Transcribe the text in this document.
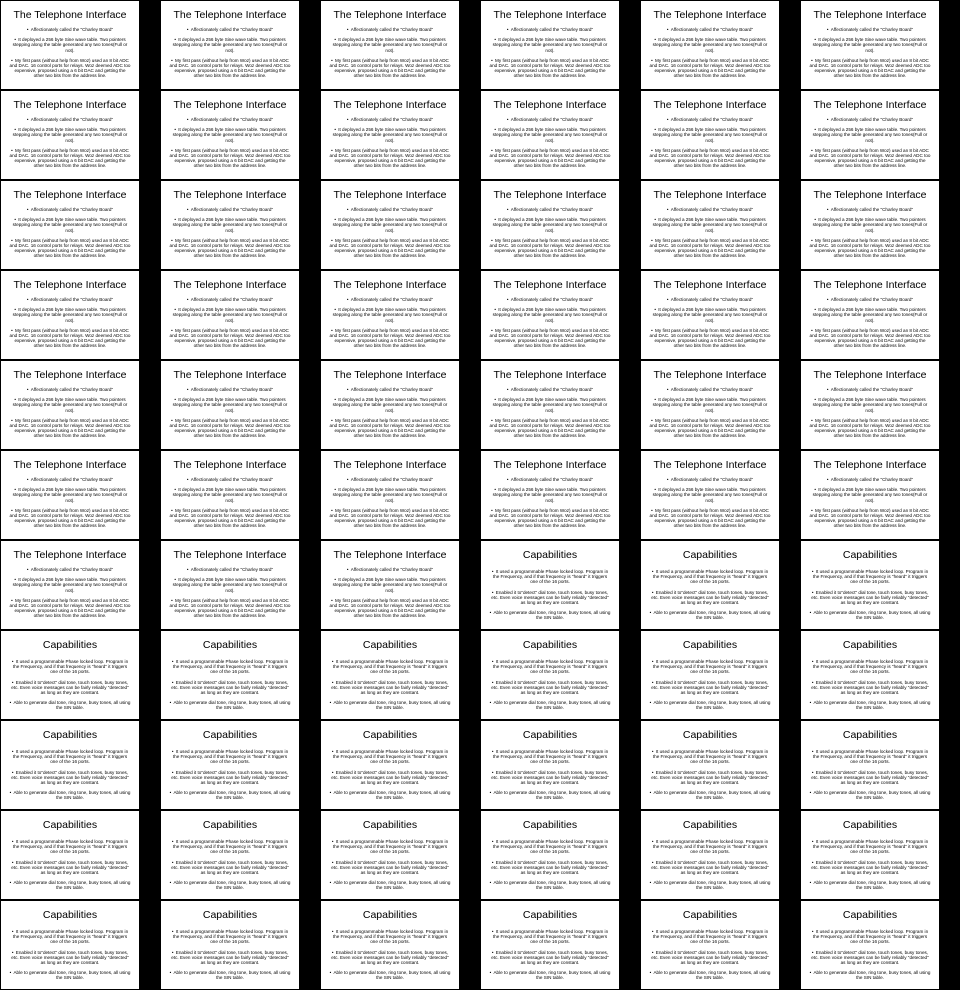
The Telephone Interface
• Affectionately called the "Charley Board"
• It deployed a 256 byte Sine wave table. Two pointers stepping along the table generated any two tones(Full or not).
• My first pass (without help from Woz) used an 8 bit ADC and DAC. 16 control ports for relays. Woz deemed ADC too expensive, proposed using a 6 bit DAC and getting the other two bits from the address line.
The Telephone Interface
• Affectionately called the "Charley Board"
• It deployed a 256 byte Sine wave table. Two pointers stepping along the table generated any two tones(Full or not).
• My first pass (without help from Woz) used an 8 bit ADC and DAC. 16 control ports for relays. Woz deemed ADC too expensive, proposed using a 6 bit DAC and getting the other two bits from the address line.
The Telephone Interface
• Affectionately called the "Charley Board"
• It deployed a 256 byte Sine wave table. Two pointers stepping along the table generated any two tones(Full or not).
• My first pass (without help from Woz) used an 8 bit ADC and DAC. 16 control ports for relays. Woz deemed ADC too expensive, proposed using a 6 bit DAC and getting the other two bits from the address line.
The Telephone Interface
• Affectionately called the "Charley Board"
• It deployed a 256 byte Sine wave table. Two pointers stepping along the table generated any two tones(Full or not).
• My first pass (without help from Woz) used an 8 bit ADC and DAC. 16 control ports for relays. Woz deemed ADC too expensive, proposed using a 6 bit DAC and getting the other two bits from the address line.
The Telephone Interface
• Affectionately called the "Charley Board"
• It deployed a 256 byte Sine wave table. Two pointers stepping along the table generated any two tones(Full or not).
• My first pass (without help from Woz) used an 8 bit ADC and DAC. 16 control ports for relays. Woz deemed ADC too expensive, proposed using a 6 bit DAC and getting the other two bits from the address line.
The Telephone Interface
• Affectionately called the "Charley Board"
• It deployed a 256 byte Sine wave table. Two pointers stepping along the table generated any two tones(Full or not).
• My first pass (without help from Woz) used an 8 bit ADC and DAC. 16 control ports for relays. Woz deemed ADC too expensive, proposed using a 6 bit DAC and getting the other two bits from the address line.
The Telephone Interface
• Affectionately called the "Charley Board"
• It deployed a 256 byte Sine wave table. Two pointers stepping along the table generated any two tones(Full or not).
• My first pass (without help from Woz) used an 8 bit ADC and DAC. 16 control ports for relays. Woz deemed ADC too expensive, proposed using a 6 bit DAC and getting the other two bits from the address line.
The Telephone Interface
• Affectionately called the "Charley Board"
• It deployed a 256 byte Sine wave table. Two pointers stepping along the table generated any two tones(Full or not).
• My first pass (without help from Woz) used an 8 bit ADC and DAC. 16 control ports for relays. Woz deemed ADC too expensive, proposed using a 6 bit DAC and getting the other two bits from the address line.
The Telephone Interface
• Affectionately called the "Charley Board"
• It deployed a 256 byte Sine wave table. Two pointers stepping along the table generated any two tones(Full or not).
• My first pass (without help from Woz) used an 8 bit ADC and DAC. 16 control ports for relays. Woz deemed ADC too expensive, proposed using a 6 bit DAC and getting the other two bits from the address line.
The Telephone Interface
• Affectionately called the "Charley Board"
• It deployed a 256 byte Sine wave table. Two pointers stepping along the table generated any two tones(Full or not).
• My first pass (without help from Woz) used an 8 bit ADC and DAC. 16 control ports for relays. Woz deemed ADC too expensive, proposed using a 6 bit DAC and getting the other two bits from the address line.
The Telephone Interface
• Affectionately called the "Charley Board"
• It deployed a 256 byte Sine wave table. Two pointers stepping along the table generated any two tones(Full or not).
• My first pass (without help from Woz) used an 8 bit ADC and DAC. 16 control ports for relays. Woz deemed ADC too expensive, proposed using a 6 bit DAC and getting the other two bits from the address line.
The Telephone Interface
• Affectionately called the "Charley Board"
• It deployed a 256 byte Sine wave table. Two pointers stepping along the table generated any two tones(Full or not).
• My first pass (without help from Woz) used an 8 bit ADC and DAC. 16 control ports for relays. Woz deemed ADC too expensive, proposed using a 6 bit DAC and getting the other two bits from the address line.
The Telephone Interface
• Affectionately called the "Charley Board"
• It deployed a 256 byte Sine wave table. Two pointers stepping along the table generated any two tones(Full or not).
• My first pass (without help from Woz) used an 8 bit ADC and DAC. 16 control ports for relays. Woz deemed ADC too expensive, proposed using a 6 bit DAC and getting the other two bits from the address line.
The Telephone Interface
• Affectionately called the "Charley Board"
• It deployed a 256 byte Sine wave table. Two pointers stepping along the table generated any two tones(Full or not).
• My first pass (without help from Woz) used an 8 bit ADC and DAC. 16 control ports for relays. Woz deemed ADC too expensive, proposed using a 6 bit DAC and getting the other two bits from the address line.
The Telephone Interface
• Affectionately called the "Charley Board"
• It deployed a 256 byte Sine wave table. Two pointers stepping along the table generated any two tones(Full or not).
• My first pass (without help from Woz) used an 8 bit ADC and DAC. 16 control ports for relays. Woz deemed ADC too expensive, proposed using a 6 bit DAC and getting the other two bits from the address line.
The Telephone Interface
• Affectionately called the "Charley Board"
• It deployed a 256 byte Sine wave table. Two pointers stepping along the table generated any two tones(Full or not).
• My first pass (without help from Woz) used an 8 bit ADC and DAC. 16 control ports for relays. Woz deemed ADC too expensive, proposed using a 6 bit DAC and getting the other two bits from the address line.
The Telephone Interface
• Affectionately called the "Charley Board"
• It deployed a 256 byte Sine wave table. Two pointers stepping along the table generated any two tones(Full or not).
• My first pass (without help from Woz) used an 8 bit ADC and DAC. 16 control ports for relays. Woz deemed ADC too expensive, proposed using a 6 bit DAC and getting the other two bits from the address line.
The Telephone Interface
• Affectionately called the "Charley Board"
• It deployed a 256 byte Sine wave table. Two pointers stepping along the table generated any two tones(Full or not).
• My first pass (without help from Woz) used an 8 bit ADC and DAC. 16 control ports for relays. Woz deemed ADC too expensive, proposed using a 6 bit DAC and getting the other two bits from the address line.
The Telephone Interface
• Affectionately called the "Charley Board"
• It deployed a 256 byte Sine wave table. Two pointers stepping along the table generated any two tones(Full or not).
• My first pass (without help from Woz) used an 8 bit ADC and DAC. 16 control ports for relays. Woz deemed ADC too expensive, proposed using a 6 bit DAC and getting the other two bits from the address line.
The Telephone Interface
• Affectionately called the "Charley Board"
• It deployed a 256 byte Sine wave table. Two pointers stepping along the table generated any two tones(Full or not).
• My first pass (without help from Woz) used an 8 bit ADC and DAC. 16 control ports for relays. Woz deemed ADC too expensive, proposed using a 6 bit DAC and getting the other two bits from the address line.
The Telephone Interface
• Affectionately called the "Charley Board"
• It deployed a 256 byte Sine wave table. Two pointers stepping along the table generated any two tones(Full or not).
• My first pass (without help from Woz) used an 8 bit ADC and DAC. 16 control ports for relays. Woz deemed ADC too expensive, proposed using a 6 bit DAC and getting the other two bits from the address line.
The Telephone Interface
• Affectionately called the "Charley Board"
• It deployed a 256 byte Sine wave table. Two pointers stepping along the table generated any two tones(Full or not).
• My first pass (without help from Woz) used an 8 bit ADC and DAC. 16 control ports for relays. Woz deemed ADC too expensive, proposed using a 6 bit DAC and getting the other two bits from the address line.
The Telephone Interface
• Affectionately called the "Charley Board"
• It deployed a 256 byte Sine wave table. Two pointers stepping along the table generated any two tones(Full or not).
• My first pass (without help from Woz) used an 8 bit ADC and DAC. 16 control ports for relays. Woz deemed ADC too expensive, proposed using a 6 bit DAC and getting the other two bits from the address line.
The Telephone Interface
• Affectionately called the "Charley Board"
• It deployed a 256 byte Sine wave table. Two pointers stepping along the table generated any two tones(Full or not).
• My first pass (without help from Woz) used an 8 bit ADC and DAC. 16 control ports for relays. Woz deemed ADC too expensive, proposed using a 6 bit DAC and getting the other two bits from the address line.
The Telephone Interface
• Affectionately called the "Charley Board"
• It deployed a 256 byte Sine wave table. Two pointers stepping along the table generated any two tones(Full or not).
• My first pass (without help from Woz) used an 8 bit ADC and DAC. 16 control ports for relays. Woz deemed ADC too expensive, proposed using a 6 bit DAC and getting the other two bits from the address line.
The Telephone Interface
• Affectionately called the "Charley Board"
• It deployed a 256 byte Sine wave table. Two pointers stepping along the table generated any two tones(Full or not).
• My first pass (without help from Woz) used an 8 bit ADC and DAC. 16 control ports for relays. Woz deemed ADC too expensive, proposed using a 6 bit DAC and getting the other two bits from the address line.
The Telephone Interface
• Affectionately called the "Charley Board"
• It deployed a 256 byte Sine wave table. Two pointers stepping along the table generated any two tones(Full or not).
• My first pass (without help from Woz) used an 8 bit ADC and DAC. 16 control ports for relays. Woz deemed ADC too expensive, proposed using a 6 bit DAC and getting the other two bits from the address line.
The Telephone Interface
• Affectionately called the "Charley Board"
• It deployed a 256 byte Sine wave table. Two pointers stepping along the table generated any two tones(Full or not).
• My first pass (without help from Woz) used an 8 bit ADC and DAC. 16 control ports for relays. Woz deemed ADC too expensive, proposed using a 6 bit DAC and getting the other two bits from the address line.
The Telephone Interface
• Affectionately called the "Charley Board"
• It deployed a 256 byte Sine wave table. Two pointers stepping along the table generated any two tones(Full or not).
• My first pass (without help from Woz) used an 8 bit ADC and DAC. 16 control ports for relays. Woz deemed ADC too expensive, proposed using a 6 bit DAC and getting the other two bits from the address line.
The Telephone Interface
• Affectionately called the "Charley Board"
• It deployed a 256 byte Sine wave table. Two pointers stepping along the table generated any two tones(Full or not).
• My first pass (without help from Woz) used an 8 bit ADC and DAC. 16 control ports for relays. Woz deemed ADC too expensive, proposed using a 6 bit DAC and getting the other two bits from the address line.
The Telephone Interface
• Affectionately called the "Charley Board"
• It deployed a 256 byte Sine wave table. Two pointers stepping along the table generated any two tones(Full or not).
• My first pass (without help from Woz) used an 8 bit ADC and DAC. 16 control ports for relays. Woz deemed ADC too expensive, proposed using a 6 bit DAC and getting the other two bits from the address line.
The Telephone Interface
• Affectionately called the "Charley Board"
• It deployed a 256 byte Sine wave table. Two pointers stepping along the table generated any two tones(Full or not).
• My first pass (without help from Woz) used an 8 bit ADC and DAC. 16 control ports for relays. Woz deemed ADC too expensive, proposed using a 6 bit DAC and getting the other two bits from the address line.
The Telephone Interface
• Affectionately called the "Charley Board"
• It deployed a 256 byte Sine wave table. Two pointers stepping along the table generated any two tones(Full or not).
• My first pass (without help from Woz) used an 8 bit ADC and DAC. 16 control ports for relays. Woz deemed ADC too expensive, proposed using a 6 bit DAC and getting the other two bits from the address line.
The Telephone Interface
• Affectionately called the "Charley Board"
• It deployed a 256 byte Sine wave table. Two pointers stepping along the table generated any two tones(Full or not).
• My first pass (without help from Woz) used an 8 bit ADC and DAC. 16 control ports for relays. Woz deemed ADC too expensive, proposed using a 6 bit DAC and getting the other two bits from the address line.
The Telephone Interface
• Affectionately called the "Charley Board"
• It deployed a 256 byte Sine wave table. Two pointers stepping along the table generated any two tones(Full or not).
• My first pass (without help from Woz) used an 8 bit ADC and DAC. 16 control ports for relays. Woz deemed ADC too expensive, proposed using a 6 bit DAC and getting the other two bits from the address line.
The Telephone Interface
• Affectionately called the "Charley Board"
• It deployed a 256 byte Sine wave table. Two pointers stepping along the table generated any two tones(Full or not).
• My first pass (without help from Woz) used an 8 bit ADC and DAC. 16 control ports for relays. Woz deemed ADC too expensive, proposed using a 6 bit DAC and getting the other two bits from the address line.
The Telephone Interface
• Affectionately called the "Charley Board"
• It deployed a 256 byte Sine wave table. Two pointers stepping along the table generated any two tones(Full or not).
• My first pass (without help from Woz) used an 8 bit ADC and DAC. 16 control ports for relays. Woz deemed ADC too expensive, proposed using a 6 bit DAC and getting the other two bits from the address line.
The Telephone Interface
• Affectionately called the "Charley Board"
• It deployed a 256 byte Sine wave table. Two pointers stepping along the table generated any two tones(Full or not).
• My first pass (without help from Woz) used an 8 bit ADC and DAC. 16 control ports for relays. Woz deemed ADC too expensive, proposed using a 6 bit DAC and getting the other two bits from the address line.
The Telephone Interface
• Affectionately called the "Charley Board"
• It deployed a 256 byte Sine wave table. Two pointers stepping along the table generated any two tones(Full or not).
• My first pass (without help from Woz) used an 8 bit ADC and DAC. 16 control ports for relays. Woz deemed ADC too expensive, proposed using a 6 bit DAC and getting the other two bits from the address line.
Capabilities
• It used a programmable Phase locked loop. Program in the Frequency, and if that frequency is "heard" it triggers one of the 16 ports.
• Enabled it to"detect" dial tone, touch tones, busy tones, etc. Even voice messages can be fairly reliably "detected" as long as they are constant.
• Able to generate dial tone, ring tone, busy tones, all using the SIN table.
Capabilities
• It used a programmable Phase locked loop. Program in the Frequency, and if that frequency is "heard" it triggers one of the 16 ports.
• Enabled it to"detect" dial tone, touch tones, busy tones, etc. Even voice messages can be fairly reliably "detected" as long as they are constant.
• Able to generate dial tone, ring tone, busy tones, all using the SIN table.
Capabilities
• It used a programmable Phase locked loop. Program in the Frequency, and if that frequency is "heard" it triggers one of the 16 ports.
• Enabled it to"detect" dial tone, touch tones, busy tones, etc. Even voice messages can be fairly reliably "detected" as long as they are constant.
• Able to generate dial tone, ring tone, busy tones, all using the SIN table.
Capabilities
• It used a programmable Phase locked loop. Program in the Frequency, and if that frequency is "heard" it triggers one of the 16 ports.
• Enabled it to"detect" dial tone, touch tones, busy tones, etc. Even voice messages can be fairly reliably "detected" as long as they are constant.
• Able to generate dial tone, ring tone, busy tones, all using the SIN table.
Capabilities
• It used a programmable Phase locked loop. Program in the Frequency, and if that frequency is "heard" it triggers one of the 16 ports.
• Enabled it to"detect" dial tone, touch tones, busy tones, etc. Even voice messages can be fairly reliably "detected" as long as they are constant.
• Able to generate dial tone, ring tone, busy tones, all using the SIN table.
Capabilities
• It used a programmable Phase locked loop. Program in the Frequency, and if that frequency is "heard" it triggers one of the 16 ports.
• Enabled it to"detect" dial tone, touch tones, busy tones, etc. Even voice messages can be fairly reliably "detected" as long as they are constant.
• Able to generate dial tone, ring tone, busy tones, all using the SIN table.
Capabilities
• It used a programmable Phase locked loop. Program in the Frequency, and if that frequency is "heard" it triggers one of the 16 ports.
• Enabled it to"detect" dial tone, touch tones, busy tones, etc. Even voice messages can be fairly reliably "detected" as long as they are constant.
• Able to generate dial tone, ring tone, busy tones, all using the SIN table.
Capabilities
• It used a programmable Phase locked loop. Program in the Frequency, and if that frequency is "heard" it triggers one of the 16 ports.
• Enabled it to"detect" dial tone, touch tones, busy tones, etc. Even voice messages can be fairly reliably "detected" as long as they are constant.
• Able to generate dial tone, ring tone, busy tones, all using the SIN table.
Capabilities
• It used a programmable Phase locked loop. Program in the Frequency, and if that frequency is "heard" it triggers one of the 16 ports.
• Enabled it to"detect" dial tone, touch tones, busy tones, etc. Even voice messages can be fairly reliably "detected" as long as they are constant.
• Able to generate dial tone, ring tone, busy tones, all using the SIN table.
Capabilities
• It used a programmable Phase locked loop. Program in the Frequency, and if that frequency is "heard" it triggers one of the 16 ports.
• Enabled it to"detect" dial tone, touch tones, busy tones, etc. Even voice messages can be fairly reliably "detected" as long as they are constant.
• Able to generate dial tone, ring tone, busy tones, all using the SIN table.
Capabilities
• It used a programmable Phase locked loop. Program in the Frequency, and if that frequency is "heard" it triggers one of the 16 ports.
• Enabled it to"detect" dial tone, touch tones, busy tones, etc. Even voice messages can be fairly reliably "detected" as long as they are constant.
• Able to generate dial tone, ring tone, busy tones, all using the SIN table.
Capabilities
• It used a programmable Phase locked loop. Program in the Frequency, and if that frequency is "heard" it triggers one of the 16 ports.
• Enabled it to"detect" dial tone, touch tones, busy tones, etc. Even voice messages can be fairly reliably "detected" as long as they are constant.
• Able to generate dial tone, ring tone, busy tones, all using the SIN table.
Capabilities
• It used a programmable Phase locked loop. Program in the Frequency, and if that frequency is "heard" it triggers one of the 16 ports.
• Enabled it to"detect" dial tone, touch tones, busy tones, etc. Even voice messages can be fairly reliably "detected" as long as they are constant.
• Able to generate dial tone, ring tone, busy tones, all using the SIN table.
Capabilities
• It used a programmable Phase locked loop. Program in the Frequency, and if that frequency is "heard" it triggers one of the 16 ports.
• Enabled it to"detect" dial tone, touch tones, busy tones, etc. Even voice messages can be fairly reliably "detected" as long as they are constant.
• Able to generate dial tone, ring tone, busy tones, all using the SIN table.
Capabilities
• It used a programmable Phase locked loop. Program in the Frequency, and if that frequency is "heard" it triggers one of the 16 ports.
• Enabled it to"detect" dial tone, touch tones, busy tones, etc. Even voice messages can be fairly reliably "detected" as long as they are constant.
• Able to generate dial tone, ring tone, busy tones, all using the SIN table.
Capabilities
• It used a programmable Phase locked loop. Program in the Frequency, and if that frequency is "heard" it triggers one of the 16 ports.
• Enabled it to"detect" dial tone, touch tones, busy tones, etc. Even voice messages can be fairly reliably "detected" as long as they are constant.
• Able to generate dial tone, ring tone, busy tones, all using the SIN table.
Capabilities
• It used a programmable Phase locked loop. Program in the Frequency, and if that frequency is "heard" it triggers one of the 16 ports.
• Enabled it to"detect" dial tone, touch tones, busy tones, etc. Even voice messages can be fairly reliably "detected" as long as they are constant.
• Able to generate dial tone, ring tone, busy tones, all using the SIN table.
Capabilities
• It used a programmable Phase locked loop. Program in the Frequency, and if that frequency is "heard" it triggers one of the 16 ports.
• Enabled it to"detect" dial tone, touch tones, busy tones, etc. Even voice messages can be fairly reliably "detected" as long as they are constant.
• Able to generate dial tone, ring tone, busy tones, all using the SIN table.
Capabilities
• It used a programmable Phase locked loop. Program in the Frequency, and if that frequency is "heard" it triggers one of the 16 ports.
• Enabled it to"detect" dial tone, touch tones, busy tones, etc. Even voice messages can be fairly reliably "detected" as long as they are constant.
• Able to generate dial tone, ring tone, busy tones, all using the SIN table.
Capabilities
• It used a programmable Phase locked loop. Program in the Frequency, and if that frequency is "heard" it triggers one of the 16 ports.
• Enabled it to"detect" dial tone, touch tones, busy tones, etc. Even voice messages can be fairly reliably "detected" as long as they are constant.
• Able to generate dial tone, ring tone, busy tones, all using the SIN table.
Capabilities
• It used a programmable Phase locked loop. Program in the Frequency, and if that frequency is "heard" it triggers one of the 16 ports.
• Enabled it to"detect" dial tone, touch tones, busy tones, etc. Even voice messages can be fairly reliably "detected" as long as they are constant.
• Able to generate dial tone, ring tone, busy tones, all using the SIN table.
Capabilities
• It used a programmable Phase locked loop. Program in the Frequency, and if that frequency is "heard" it triggers one of the 16 ports.
• Enabled it to"detect" dial tone, touch tones, busy tones, etc. Even voice messages can be fairly reliably "detected" as long as they are constant.
• Able to generate dial tone, ring tone, busy tones, all using the SIN table.
Capabilities
• It used a programmable Phase locked loop. Program in the Frequency, and if that frequency is "heard" it triggers one of the 16 ports.
• Enabled it to"detect" dial tone, touch tones, busy tones, etc. Even voice messages can be fairly reliably "detected" as long as they are constant.
• Able to generate dial tone, ring tone, busy tones, all using the SIN table.
Capabilities
• It used a programmable Phase locked loop. Program in the Frequency, and if that frequency is "heard" it triggers one of the 16 ports.
• Enabled it to"detect" dial tone, touch tones, busy tones, etc. Even voice messages can be fairly reliably "detected" as long as they are constant.
• Able to generate dial tone, ring tone, busy tones, all using the SIN table.
Capabilities
• It used a programmable Phase locked loop. Program in the Frequency, and if that frequency is "heard" it triggers one of the 16 ports.
• Enabled it to"detect" dial tone, touch tones, busy tones, etc. Even voice messages can be fairly reliably "detected" as long as they are constant.
• Able to generate dial tone, ring tone, busy tones, all using the SIN table.
Capabilities
• It used a programmable Phase locked loop. Program in the Frequency, and if that frequency is "heard" it triggers one of the 16 ports.
• Enabled it to"detect" dial tone, touch tones, busy tones, etc. Even voice messages can be fairly reliably "detected" as long as they are constant.
• Able to generate dial tone, ring tone, busy tones, all using the SIN table.
Capabilities
• It used a programmable Phase locked loop. Program in the Frequency, and if that frequency is "heard" it triggers one of the 16 ports.
• Enabled it to"detect" dial tone, touch tones, busy tones, etc. Even voice messages can be fairly reliably "detected" as long as they are constant.
• Able to generate dial tone, ring tone, busy tones, all using the SIN table.
